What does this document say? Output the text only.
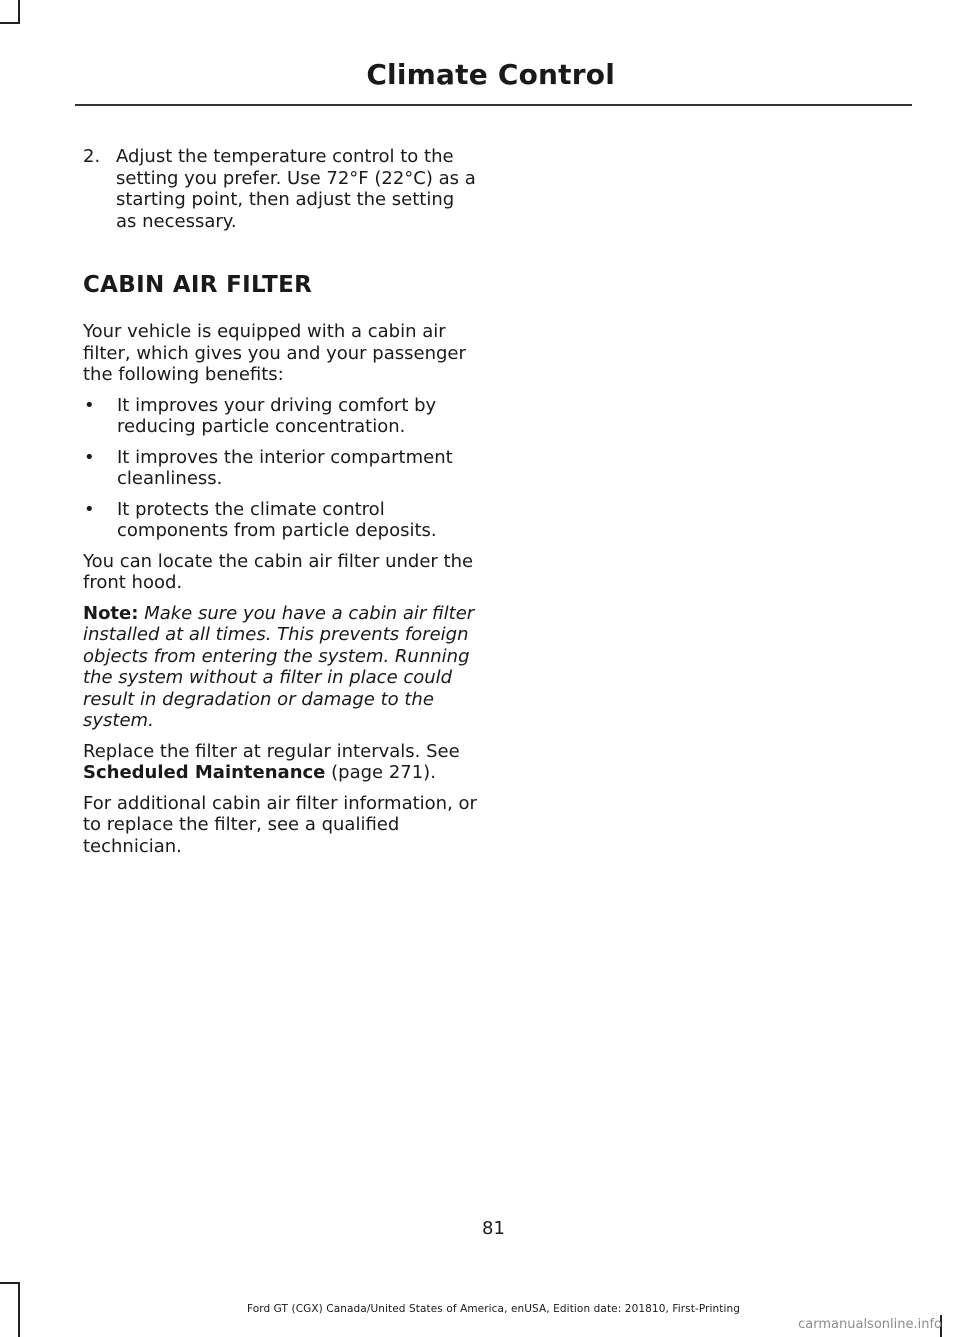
Climate Control
2. Adjust the temperature control to the setting you prefer. Use 72°F (22°C) as a starting point, then adjust the setting as necessary.
CABIN AIR FILTER

Your vehicle is equipped with a cabin air filter, which gives you and your passenger the following benefits:

•	It improves your driving comfort by reducing particle concentration.
•	It improves the interior compartment cleanliness.
•	It protects the climate control components from particle deposits.

You can locate the cabin air filter under the front hood.

Note: Make sure you have a cabin air filter installed at all times. This prevents foreign objects from entering the system. Running the system without a filter in place could result in degradation or damage to the system.

Replace the filter at regular intervals. See Scheduled Maintenance (page 271).

For additional cabin air filter information, or to replace the filter, see a qualified technician.

81
Ford GT (CGX) Canada/United States of America, enUSA, Edition date: 201810, First-Printing
carmanualsonline.info
